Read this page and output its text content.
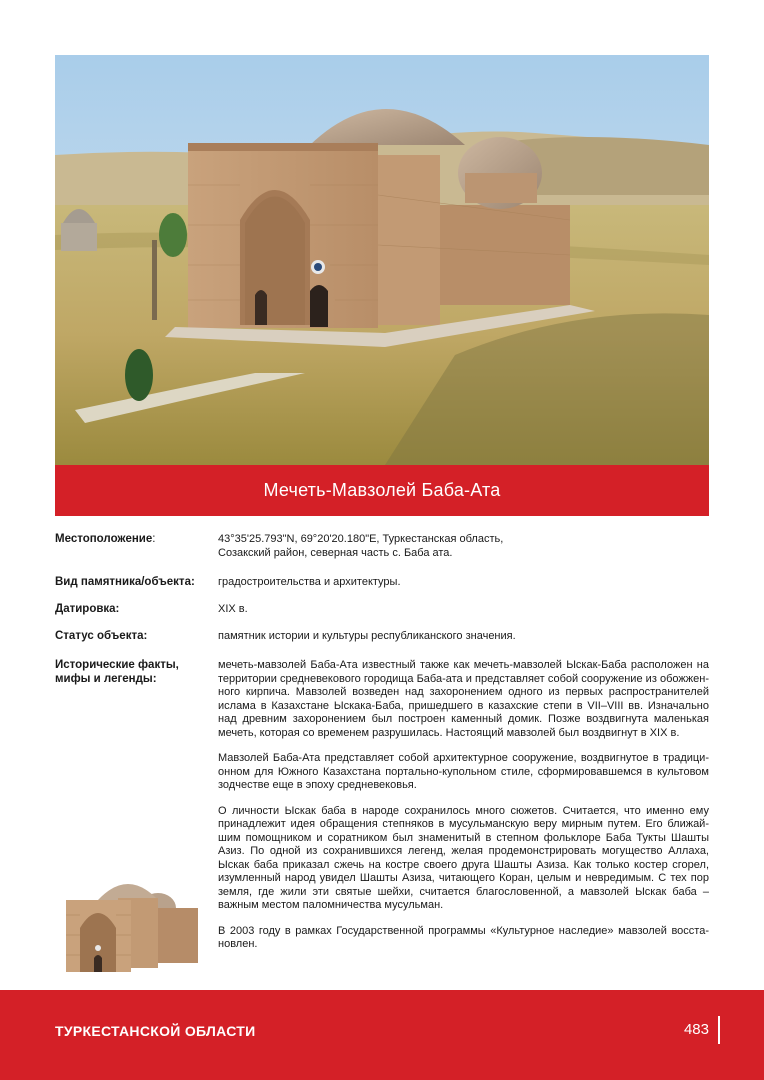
Мечеть-Мавзолей Баба-Ата
Местоположение:	43°35'25.793"N, 69°20'20.180"E, Туркестанская область,
Созакский район, северная часть с. Баба ата.
Вид памятника/объекта:	градостроительства и архитектуры.
Датировка:	XIX в.
Статус объекта:	памятник истории и культуры республиканского значения.
Исторические факты, мифы и легенды:

мечеть-мавзолей Баба-Ата известный также как мечеть-мавзолей Ыскак-Баба расположен на территории средневекового городища Баба-ата и представляет собой сооружение из обожжен-ного кирпича. Мавзолей возведен над захоронением одного из первых распространителей ислама в Казахстане Ыскака-Баба, пришедшего в казахские степи в VII–VIII вв. Изначально над древним захоронением был построен каменный домик. Позже воздвигнута маленькая мечеть, которая со временем разрушилась. Настоящий мавзолей был воздвигнут в XIX в.

Мавзолей Баба-Ата представляет собой архитектурное сооружение, воздвигнутое в традици-онном для Южного Казахстана портально-купольном стиле, сформировавшемся в культовом зодчестве еще в эпоху средневековья.

О личности Ыскак баба в народе сохранилось много сюжетов. Считается, что именно ему принадлежит идея обращения степняков в мусульманскую веру мирным путем. Его ближай-шим помощником и соратником был знаменитый в степном фольклоре Баба Тукты Шашты Азиз. По одной из сохранившихся легенд, желая продемонстрировать могущество Аллаха, Ыскак баба приказал сжечь на костре своего друга Шашты Азиза. Как только костер сгорел, изумленный народ увидел Шашты Азиза, читающего Коран, целым и невредимым. С тех пор земля, где жили эти святые шейхи, считается благословенной, а мавзолей Ыскак баба – важным местом паломничества мусульман.

В 2003 году в рамках Государственной программы «Культурное наследие» мавзолей восста-новлен.

ТУРКЕСТАНСКОЙ ОБЛАСТИ	483
